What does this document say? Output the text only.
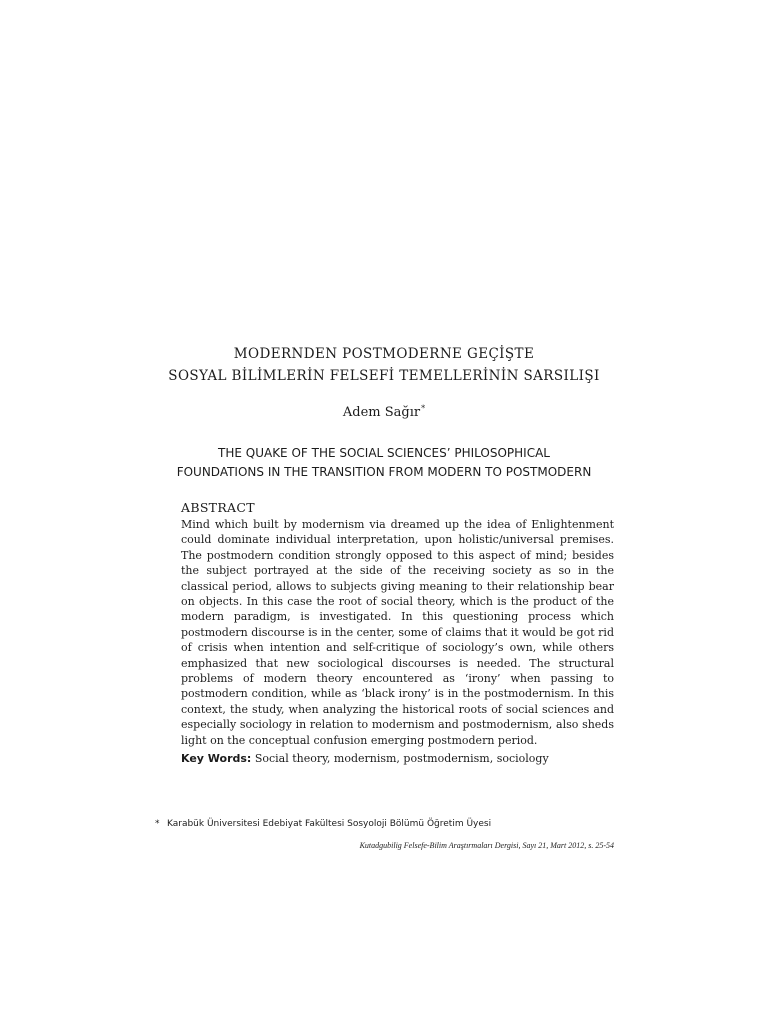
MODERNDEN POSTMODERNE GEÇİŞTE
SOSYAL BİLİMLERİN FELSEFİ TEMELLERİNİN SARSILIŞI
Adem Sağır*
THE QUAKE OF THE SOCIAL SCIENCES’ PHILOSOPHICAL
FOUNDATIONS IN THE TRANSITION FROM MODERN TO POSTMODERN
ABSTRACT

Mind which built by modernism via dreamed up the idea of Enlightenment could dominate individual interpretation, upon holistic/universal premises. The postmodern condition strongly opposed to this aspect of mind; besides the subject portrayed at the side of the receiving society as so in the classical period, allows to subjects giving meaning to their relationship bear on objects. In this case the root of social theory, which is the product of the modern paradigm, is investigated. In this questioning process which postmodern discourse is in the center, some of claims that it would be got rid of crisis when intention and self-critique of sociology’s own, while others emphasized that new sociological discourses is needed. The structural problems of modern theory encountered as ‘irony’ when passing to postmodern condition, while as ‘black irony’ is in the postmodernism. In this context, the study, when analyzing the historical roots of social sciences and especially sociology in relation to modernism and postmodernism, also sheds light on the conceptual confusion emerging postmodern period.

Key Words: Social theory, modernism, postmodernism, sociology
* Karabük Üniversitesi Edebiyat Fakültesi Sosyoloji Bölümü Öğretim Üyesi
Kutadgubilig Felsefe-Bilim Araştırmaları Dergisi, Sayı 21, Mart 2012, s. 25-54
